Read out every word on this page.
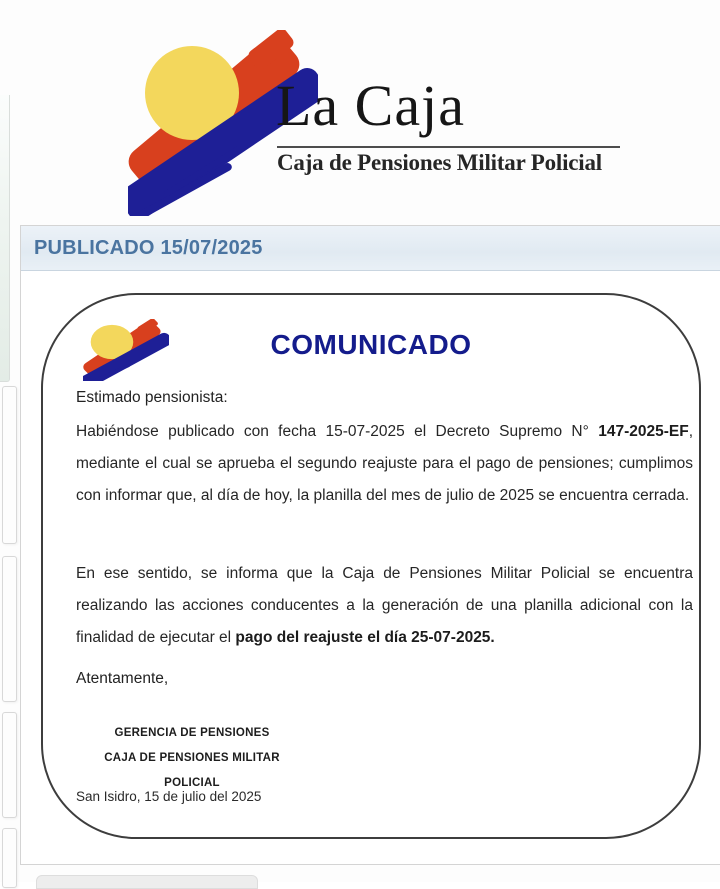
La Caja
Caja de Pensiones Militar Policial
PUBLICADO 15/07/2025
COMUNICADO
Estimado pensionista:

Habiéndose publicado con fecha 15-07-2025 el Decreto Supremo N° 147-2025-EF, mediante el cual se aprueba el segundo reajuste para el pago de pensiones; cumplimos con informar que, al día de hoy, la planilla del mes de julio de 2025 se encuentra cerrada.

En ese sentido, se informa que la Caja de Pensiones Militar Policial se encuentra realizando las acciones conducentes a la generación de una planilla adicional con la finalidad de ejecutar el pago del reajuste el día 25-07-2025.

Atentamente,
GERENCIA DE PENSIONES
CAJA DE PENSIONES MILITAR POLICIAL
San Isidro, 15 de julio del 2025
